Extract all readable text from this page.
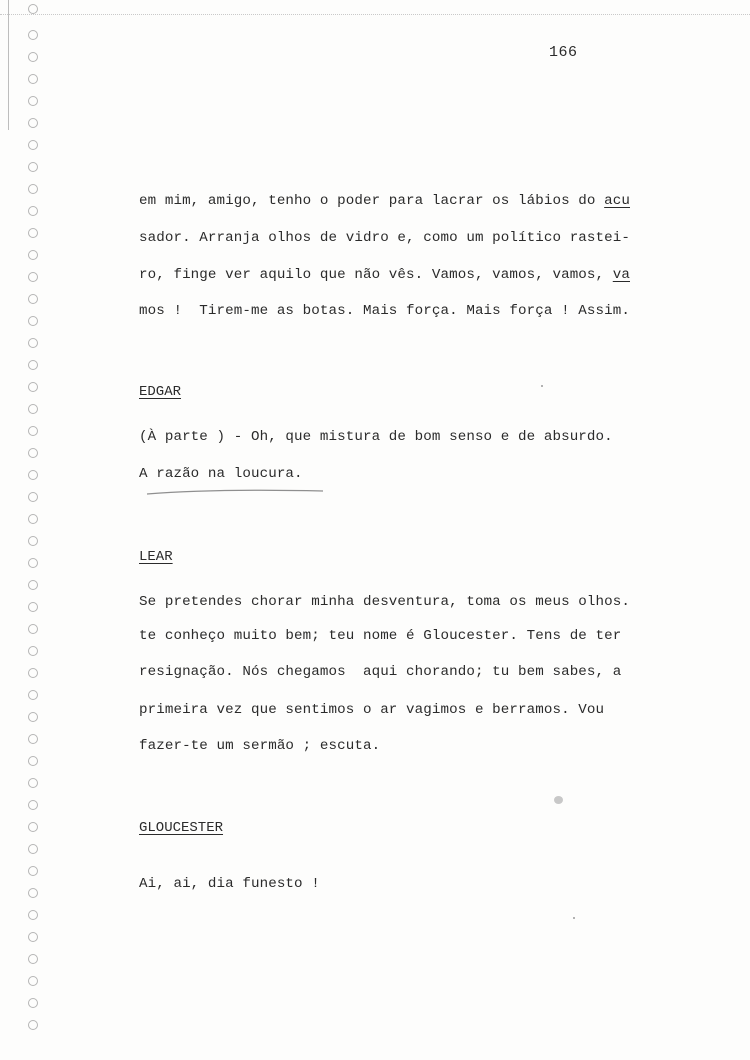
166
em mim, amigo, tenho o poder para lacrar os lábios do acu
sador. Arranja olhos de vidro e, como um político rastei-
ro, finge ver aquilo que não vês. Vamos, vamos, vamos, va
mos !  Tirem-me as botas. Mais força. Mais força ! Assim.
EDGAR
(À parte ) - Oh, que mistura de bom senso e de absurdo.
A razão na loucura.
LEAR
Se pretendes chorar minha desventura, toma os meus olhos.
te conheço muito bem; teu nome é Gloucester. Tens de ter
resignação. Nós chegamos  aqui chorando; tu bem sabes, a
primeira vez que sentimos o ar vagimos e berramos. Vou
fazer-te um sermão ; escuta.
GLOUCESTER
Ai, ai, dia funesto !
